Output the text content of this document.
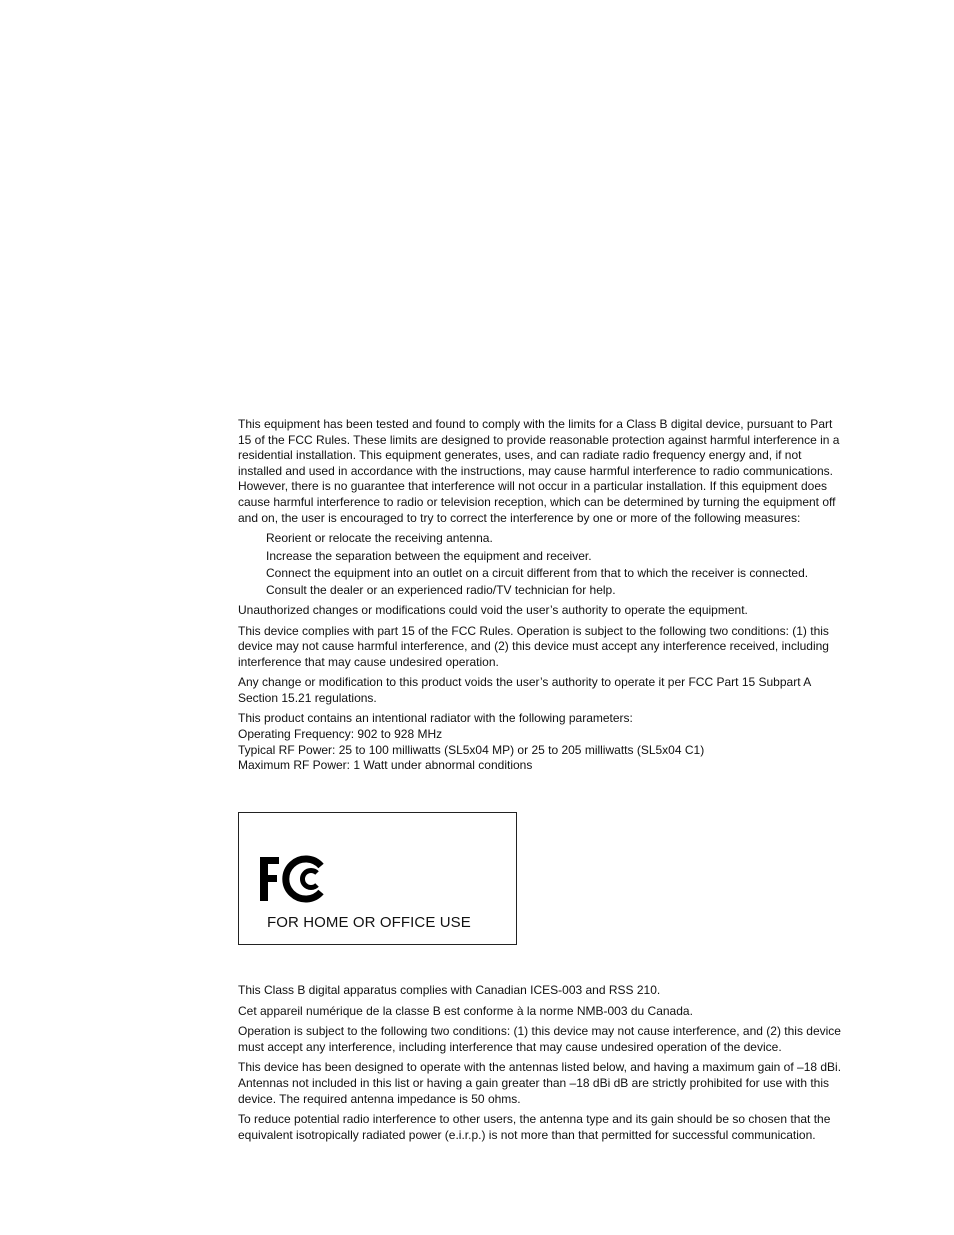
This equipment has been tested and found to comply with the limits for a Class B digital device, pursuant to Part 15 of the FCC Rules. These limits are designed to provide reasonable protection against harmful interference in a residential installation. This equipment generates, uses, and can radiate radio frequency energy and, if not installed and used in accordance with the instructions, may cause harmful interference to radio communications. However, there is no guarantee that interference will not occur in a particular installation. If this equipment does cause harmful interference to radio or television reception, which can be determined by turning the equipment off and on, the user is encouraged to try to correct the interference by one or more of the following measures:

Reorient or relocate the receiving antenna.
Increase the separation between the equipment and receiver.
Connect the equipment into an outlet on a circuit different from that to which the receiver is connected.
Consult the dealer or an experienced radio/TV technician for help.

Unauthorized changes or modifications could void the user’s authority to operate the equipment.

This device complies with part 15 of the FCC Rules. Operation is subject to the following two conditions: (1) this device may not cause harmful interference, and (2) this device must accept any interference received, including interference that may cause undesired operation.

Any change or modification to this product voids the user’s authority to operate it per FCC Part 15 Subpart A Section 15.21 regulations.

This product contains an intentional radiator with the following parameters:

Operating Frequency: 902 to 928 MHz

Typical RF Power: 25 to 100 milliwatts (SL5x04 MP) or 25 to 205 milliwatts (SL5x04 C1)

Maximum RF Power: 1 Watt under abnormal conditions

FOR HOME OR OFFICE USE

This Class B digital apparatus complies with Canadian ICES-003 and RSS 210.

Cet appareil numérique de la classe B est conforme à la norme NMB-003 du Canada.

Operation is subject to the following two conditions: (1) this device may not cause interference, and (2) this device must accept any interference, including interference that may cause undesired operation of the device.

This device has been designed to operate with the antennas listed below, and having a maximum gain of –18 dBi. Antennas not included in this list or having a gain greater than –18 dBi dB are strictly prohibited for use with this device. The required antenna impedance is 50 ohms.

To reduce potential radio interference to other users, the antenna type and its gain should be so chosen that the equivalent isotropically radiated power (e.i.r.p.) is not more than that permitted for successful communication.
